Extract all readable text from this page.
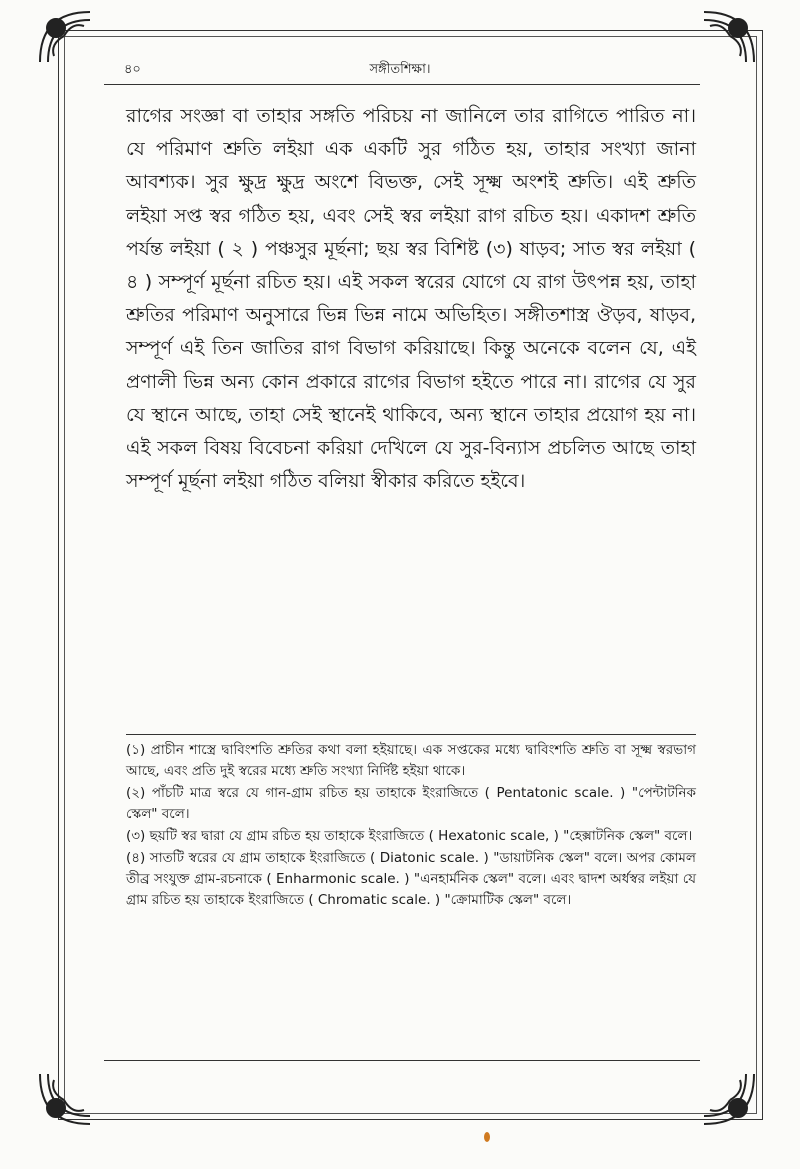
৪০	সঙ্গীতশিক্ষা।
রাগের সংজ্ঞা বা তাহার সঙ্গতি পরিচয় না জানিলে তার রাগিতে পারিত না। যে পরিমাণ শ্রুতি লইয়া এক একটি সুর গঠিত হয়, তাহার সংখ্যা জানা আবশ্যক। সুর ক্ষুদ্র ক্ষুদ্র অংশে বিভক্ত, সেই সূক্ষ্ম অংশই শ্রুতি। এই শ্রুতি লইয়া সপ্ত স্বর গঠিত হয়, এবং সেই স্বর লইয়া রাগ রচিত হয়। একাদশ শ্রুতি পর্যন্ত লইয়া ( ২ ) পঞ্চসুর মূর্ছনা; ছয় স্বর বিশিষ্ট (৩) ষাড়ব; সাত স্বর লইয়া ( ৪ ) সম্পূর্ণ মূর্ছনা রচিত হয়। এই সকল স্বরের যোগে যে রাগ উৎপন্ন হয়, তাহা শ্রুতির পরিমাণ অনুসারে ভিন্ন ভিন্ন নামে অভিহিত। সঙ্গীতশাস্ত্র ঔড়ব, ষাড়ব, সম্পূর্ণ এই তিন জাতির রাগ বিভাগ করিয়াছে। কিন্তু অনেকে বলেন যে, এই প্রণালী ভিন্ন অন্য কোন প্রকারে রাগের বিভাগ হইতে পারে না। রাগের যে সুর যে স্থানে আছে, তাহা সেই স্থানেই থাকিবে, অন্য স্থানে তাহার প্রয়োগ হয় না। এই সকল বিষয় বিবেচনা করিয়া দেখিলে যে সুর-বিন্যাস প্রচলিত আছে তাহা সম্পূর্ণ মূর্ছনা লইয়া গঠিত বলিয়া স্বীকার করিতে হইবে।

(১) প্রাচীন শাস্ত্রে দ্বাবিংশতি শ্রুতির কথা বলা হইয়াছে। এক সপ্তকের মধ্যে দ্বাবিংশতি শ্রুতি বা সূক্ষ্ম স্বরভাগ আছে, এবং প্রতি দুই স্বরের মধ্যে শ্রুতি সংখ্যা নির্দিষ্ট হইয়া থাকে।

(২) পাঁচটি মাত্র স্বরে যে গান-গ্রাম রচিত হয় তাহাকে ইংরাজিতে ( Pentatonic scale. ) "পেন্টাটনিক স্কেল" বলে।

(৩) ছয়টি স্বর দ্বারা যে গ্রাম রচিত হয় তাহাকে ইংরাজিতে ( Hexatonic scale, ) "হেক্সাটনিক স্কেল" বলে।

(৪) সাতটি স্বরের যে গ্রাম তাহাকে ইংরাজিতে ( Diatonic scale. ) "ডায়াটনিক স্কেল" বলে। অপর কোমল তীব্র সংযুক্ত গ্রাম-রচনাকে ( Enharmonic scale. ) "এনহার্মনিক স্কেল" বলে। এবং দ্বাদশ অর্ধস্বর লইয়া যে গ্রাম রচিত হয় তাহাকে ইংরাজিতে ( Chromatic scale. ) "ক্রোমাটিক স্কেল" বলে।
